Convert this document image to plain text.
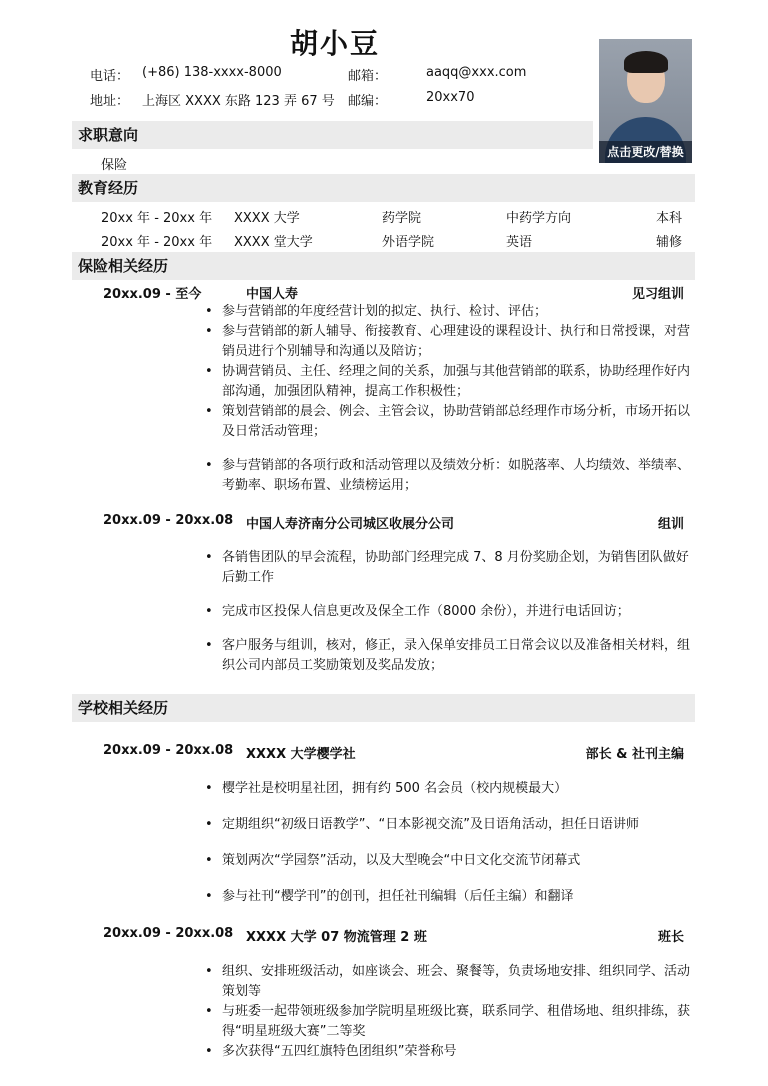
胡小豆
电话： (+86) 138-xxxx-8000	邮箱：	aaqq@xxx.com
地址： 上海区 XXXX 东路 123 弄 67 号 邮编：	20xx70
点击更改/替换
求职意向
保险
教育经历
20xx 年 - 20xx 年 XXXX 大学	药学院	中药学方向	本科
20xx 年 - 20xx 年 XXXX 堂大学	外语学院	英语	辅修
保险相关经历
20xx.09 - 至今	中国人寿	见习组训
• 参与营销部的年度经营计划的拟定、执行、检讨、评估；
• 参与营销部的新人辅导、衔接教育、心理建设的课程设计、执行和日常授课，对营销员进行个别辅导和沟通以及陪访；
• 协调营销员、主任、经理之间的关系，加强与其他营销部的联系，协助经理作好内部沟通，加强团队精神，提高工作积极性；
• 策划营销部的晨会、例会、主管会议，协助营销部总经理作市场分析，市场开拓以及日常活动管理；
• 参与营销部的各项行政和活动管理以及绩效分析：如脱落率、人均绩效、举绩率、考勤率、职场布置、业绩榜运用；
20xx.09 - 20xx.08 中国人寿济南分公司城区收展分公司	组训
• 各销售团队的早会流程，协助部门经理完成 7、8 月份奖励企划，为销售团队做好后勤工作
• 完成市区投保人信息更改及保全工作（8000 余份），并进行电话回访；
• 客户服务与组训，核对，修正，录入保单安排员工日常会议以及准备相关材料，组织公司内部员工奖励策划及奖品发放；
学校相关经历
20xx.09 - 20xx.08 XXXX 大学樱学社	部长 & 社刊主编
• 樱学社是校明星社团，拥有约 500 名会员（校内规模最大）
• 定期组织“初级日语教学”、“日本影视交流”及日语角活动，担任日语讲师
• 策划两次“学园祭”活动，以及大型晚会“中日文化交流节闭幕式
• 参与社刊“樱学刊”的创刊，担任社刊编辑（后任主编）和翻译
20xx.09 - 20xx.08 XXXX 大学 07 物流管理 2 班	班长
• 组织、安排班级活动，如座谈会、班会、聚餐等，负责场地安排、组织同学、活动策划等
• 与班委一起带领班级参加学院明星班级比赛，联系同学、租借场地、组织排练，获得“明星班级大赛”二等奖
• 多次获得“五四红旗特色团组织”荣誉称号
